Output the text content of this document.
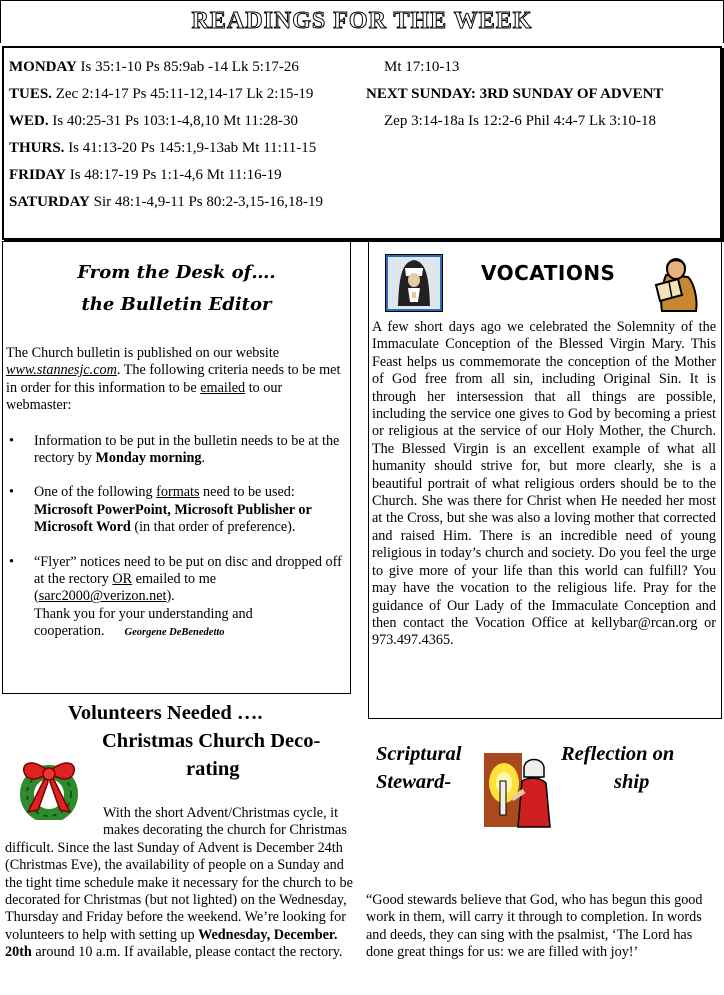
READINGS FOR THE WEEK
MONDAY Is 35:1-10 Ps 85:9ab -14 Lk 5:17-26
TUES. Zec 2:14-17 Ps 45:11-12,14-17 Lk 2:15-19
WED. Is 40:25-31 Ps 103:1-4,8,10 Mt 11:28-30
THURS. Is 41:13-20 Ps 145:1,9-13ab Mt 11:11-15
FRIDAY Is 48:17-19 Ps 1:1-4,6 Mt 11:16-19
SATURDAY Sir 48:1-4,9-11 Ps 80:2-3,15-16,18-19
Mt 17:10-13
NEXT SUNDAY: 3RD SUNDAY OF ADVENT
Zep 3:14-18a Is 12:2-6 Phil 4:4-7 Lk 3:10-18
From the Desk of….
the Bulletin Editor

The Church bulletin is published on our website www.stannesjc.com. The following criteria needs to be met in order for this information to be emailed to our webmaster:

• Information to be put in the bulletin needs to be at the rectory by Monday morning.
• One of the following formats need to be used: Microsoft PowerPoint, Microsoft Publisher or Microsoft Word (in that order of preference).
• “Flyer” notices need to be put on disc and dropped off at the rectory OR emailed to me (sarc2000@verizon.net).
Thank you for your understanding and cooperation. Georgene DeBenedetto
VOCATIONS
A few short days ago we celebrated the Solemnity of the Immaculate Conception of the Blessed Virgin Mary. This Feast helps us commemorate the conception of the Mother of God free from all sin, including Original Sin. It is through her intersession that all things are possible, including the service one gives to God by becoming a priest or religious at the service of our Holy Mother, the Church. The Blessed Virgin is an excellent example of what all humanity should strive for, but more clearly, she is a beautiful portrait of what religious orders should be to the Church. She was there for Christ when He needed her most at the Cross, but she was also a loving mother that corrected and raised Him. There is an incredible need of young religious in today’s church and society. Do you feel the urge to give more of your life than this world can fulfill? You may have the vocation to the religious life. Pray for the guidance of Our Lady of the Immaculate Conception and then contact the Vocation Office at kellybar@rcan.org or 973.497.4365.
Volunteers Needed ….
Christmas Church Deco-
rating
With the short Advent/Christmas cycle, it makes decorating the church for Christmas difficult. Since the last Sunday of Advent is December 24th (Christmas Eve), the availability of people on a Sunday and the tight time schedule make it necessary for the church to be decorated for Christmas (but not lighted) on the Wednesday, Thursday and Friday before the weekend. We’re looking for volunteers to help with setting up Wednesday, December. 20th around 10 a.m. If available, please contact the rectory.
Scriptural
Steward-
Reflection on
ship
“Good stewards believe that God, who has begun this good work in them, will carry it through to completion. In words and deeds, they can sing with the psalmist, ‘The Lord has done great things for us: we are filled with joy!’
